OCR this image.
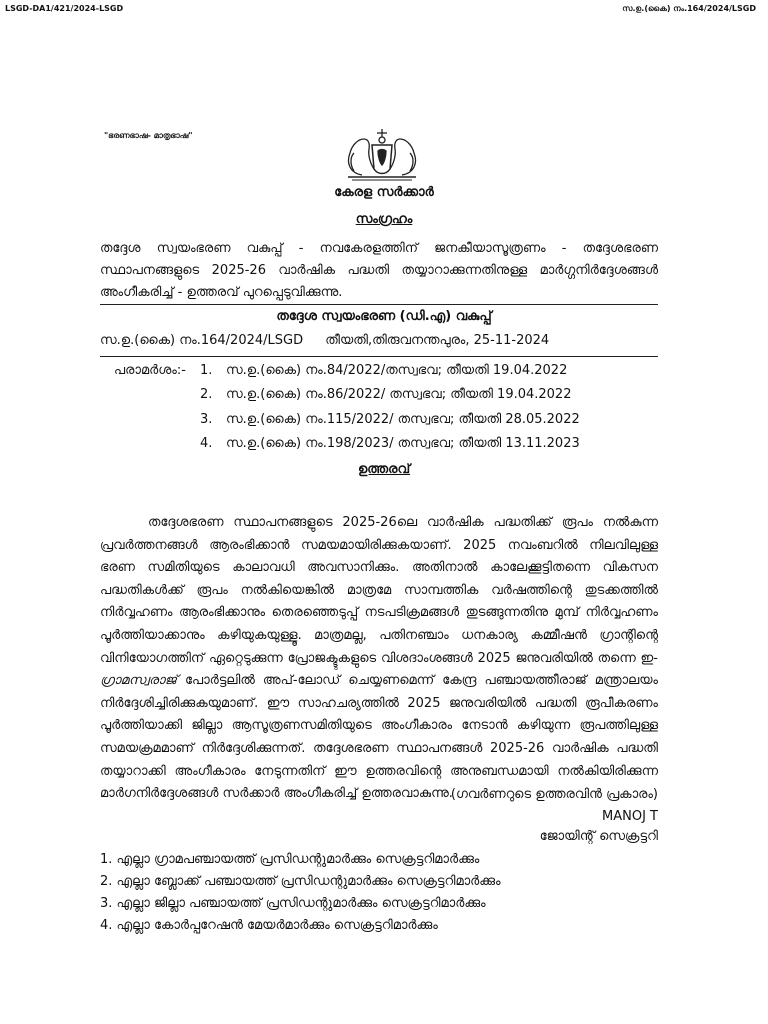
LSGD-DA1/421/2024-LSGD	സ.ഉ.(കൈ) നം.164/2024/LSGD
"ഭരണഭാഷ- മാതൃഭാഷ"
കേരള സർക്കാർ
സംഗ്രഹം
തദ്ദേശ സ്വയംഭരണ വകുപ്പ് - നവകേരളത്തിന് ജനകീയാസൂത്രണം - തദ്ദേശഭരണ
സ്ഥാപനങ്ങളുടെ 2025-26 വാർഷിക പദ്ധതി തയ്യാറാക്കുന്നതിനുള്ള മാർഗ്ഗനിർദ്ദേശങ്ങൾ
അംഗീകരിച്ച് - ഉത്തരവ് പുറപ്പെടുവിക്കുന്നു.
തദ്ദേശ സ്വയംഭരണ (ഡി.എ) വകുപ്പ്
സ.ഉ.(കൈ) നം.164/2024/LSGD തീയതി,തിരുവനന്തപുരം, 25-11-2024
പരാമർശം:- 1. സ.ഉ.(കൈ) നം.84/2022/തസ്വഭവ; തീയതി 19.04.2022
2. സ.ഉ.(കൈ) നം.86/2022/ തസ്വഭവ; തീയതി 19.04.2022
3. സ.ഉ.(കൈ) നം.115/2022/ തസ്വഭവ; തീയതി 28.05.2022
4. സ.ഉ.(കൈ) നം.198/2023/ തസ്വഭവ; തീയതി 13.11.2023
ഉത്തരവ്
തദ്ദേശഭരണ സ്ഥാപനങ്ങളുടെ 2025-26ലെ വാർഷിക പദ്ധതിക്ക് രൂപം നൽകുന്ന
പ്രവർത്തനങ്ങൾ ആരംഭിക്കാൻ സമയമായിരിക്കുകയാണ്. 2025 നവംബറിൽ നിലവിലുള്ള
ഭരണ സമിതിയുടെ കാലാവധി അവസാനിക്കും. അതിനാൽ കാലേക്കൂട്ടിതന്നെ വികസന
പദ്ധതികൾക്ക് രൂപം നൽകിയെങ്കിൽ മാത്രമേ സാമ്പത്തിക വർഷത്തിന്റെ തുടക്കത്തിൽ
നിർവ്വഹണം ആരംഭിക്കാനും തെരഞ്ഞെടുപ്പ് നടപടിക്രമങ്ങൾ തുടങ്ങുന്നതിനു മുമ്പ് നിർവ്വഹണം
പൂർത്തിയാക്കാനും കഴിയുകയുള്ളൂ. മാത്രമല്ല, പതിനഞ്ചാം ധനകാര്യ കമ്മീഷൻ ഗ്രാന്റിന്റെ
വിനിയോഗത്തിന് ഏറ്റെടുക്കുന്ന പ്രോജക്ടുകളുടെ വിശദാംശങ്ങൾ 2025 ജനുവരിയിൽ തന്നെ ഇ-
ഗ്രാമസ്വരാജ് പോർട്ടലിൽ അപ്-ലോഡ് ചെയ്യണമെന്ന് കേന്ദ്ര പഞ്ചായത്തീരാജ് മന്ത്രാലയം
നിർദ്ദേശിച്ചിരിക്കുകയുമാണ്. ഈ സാഹചര്യത്തിൽ 2025 ജനുവരിയിൽ പദ്ധതി രൂപീകരണം
പൂർത്തിയാക്കി ജില്ലാ ആസൂത്രണസമിതിയുടെ അംഗീകാരം നേടാൻ കഴിയുന്ന രൂപത്തിലുള്ള
സമയക്രമമാണ് നിർദ്ദേശിക്കുന്നത്. തദ്ദേശഭരണ സ്ഥാപനങ്ങൾ 2025-26 വാർഷിക പദ്ധതി
തയ്യാറാക്കി അംഗീകാരം നേടുന്നതിന് ഈ ഉത്തരവിന്റെ അനുബന്ധമായി നൽകിയിരിക്കുന്ന
മാർഗനിർദ്ദേശങ്ങൾ സർക്കാർ അംഗീകരിച്ച് ഉത്തരവാകുന്നു.
(ഗവർണറുടെ ഉത്തരവിൻ പ്രകാരം)
MANOJ T
ജോയിന്റ് സെക്രട്ടറി
1. എല്ലാ ഗ്രാമപഞ്ചായത്ത് പ്രസിഡന്റുമാർക്കും സെക്രട്ടറിമാർക്കും
2. എല്ലാ ബ്ലോക്ക് പഞ്ചായത്ത് പ്രസിഡന്റുമാർക്കും സെക്രട്ടറിമാർക്കും
3. എല്ലാ ജില്ലാ പഞ്ചായത്ത് പ്രസിഡന്റുമാർക്കും സെക്രട്ടറിമാർക്കും
4. എല്ലാ കോർപ്പറേഷൻ മേയർമാർക്കും സെക്രട്ടറിമാർക്കും
